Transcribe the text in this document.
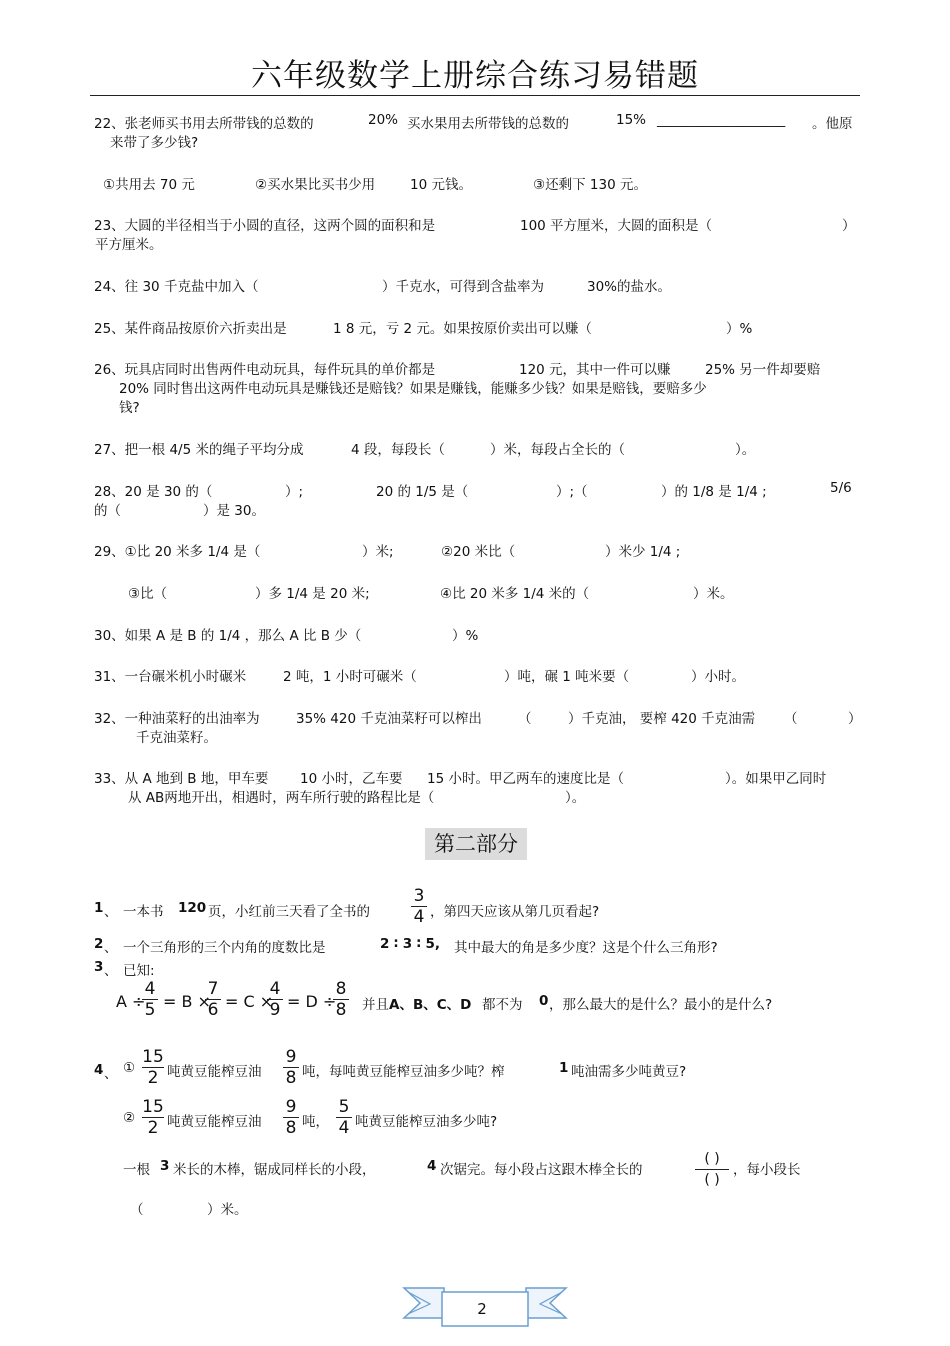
六年级数学上册综合练习易错题
22、张老师买书用去所带钱的总数的	20% 买水果用去所带钱的总数的	15% ___________________ 。他原
来带了多少钱?
①共用去 70 元	②买水果比买书少用	10 元钱。	③还剩下 130 元。
23、大圆的半径相当于小圆的直径，这两个圆的面积和是	100 平方厘米，大圆的面积是（	）
平方厘米。
24、往 30 千克盐中加入（	）千克水，可得到含盐率为	30%的盐水。
25、某件商品按原价六折卖出是	1 8 元，亏 2 元。如果按原价卖出可以赚（	）%
26、玩具店同时出售两件电动玩具，每件玩具的单价都是	120 元，其中一件可以赚	25% 另一件却要赔
20% 同时售出这两件电动玩具是赚钱还是赔钱？如果是赚钱，能赚多少钱？如果是赔钱，要赔多少
钱?
27、把一根 4/5 米的绳子平均分成	4 段，每段长（	）米，每段占全长的（	）。
28、20 是 30 的（	）;	20 的 1/5 是（	）;（	）的 1/8 是 1/4 ;	5/6
的（	）是 30。
29、①比 20 米多 1/4 是（	）米;	②20 米比（	）米少 1/4 ;
③比（	）多 1/4 是 20 米;	④比 20 米多 1/4 米的（	）米。
30、如果 A 是 B 的 1/4 ，那么 A 比 B 少（	）%
31、一台碾米机小时碾米	2 吨，1 小时可碾米（	）吨，碾 1 吨米要（	）小时。
32、一种油菜籽的出油率为	35% 420 千克油菜籽可以榨出	（	）千克油， 要榨 420 千克油需 （	）
千克油菜籽。
33、从 A 地到 B 地，甲车要 10 小时，乙车要 15 小时。甲乙两车的速度比是（	）。如果甲乙同时
从 AB两地开出，相遇时，两车所行驶的路程比是（	）。
第二部分
1 、 一本书 120 页，小红前三天看了全书的
3
4 ，第四天应该从第几页看起?
2 、 一个三角形的三个内角的度数比是	2 ∶ 3 ∶ 5, 其中最大的角是多少度？这是个什么三角形?
3 、 已知:
A ÷
4
5 = B ×
7
6 = C ×
4
9 = D ÷
8
8 并且 A、B、C、D 都不为 0 ，那么最大的是什么？最小的是什么?
4 、 ①
15
2 吨黄豆能榨豆油
9
8 吨，每吨黄豆能榨豆油多少吨？榨	1 吨油需多少吨黄豆?
②
15
2 吨黄豆能榨豆油
9
8 吨，
5
4 吨黄豆能榨豆油多少吨?
一根 3 米长的木棒，锯成同样长的小段，	4 次锯完。每小段占这跟木棒全长的
( )
( )
，每小段长
（	）米。
2
